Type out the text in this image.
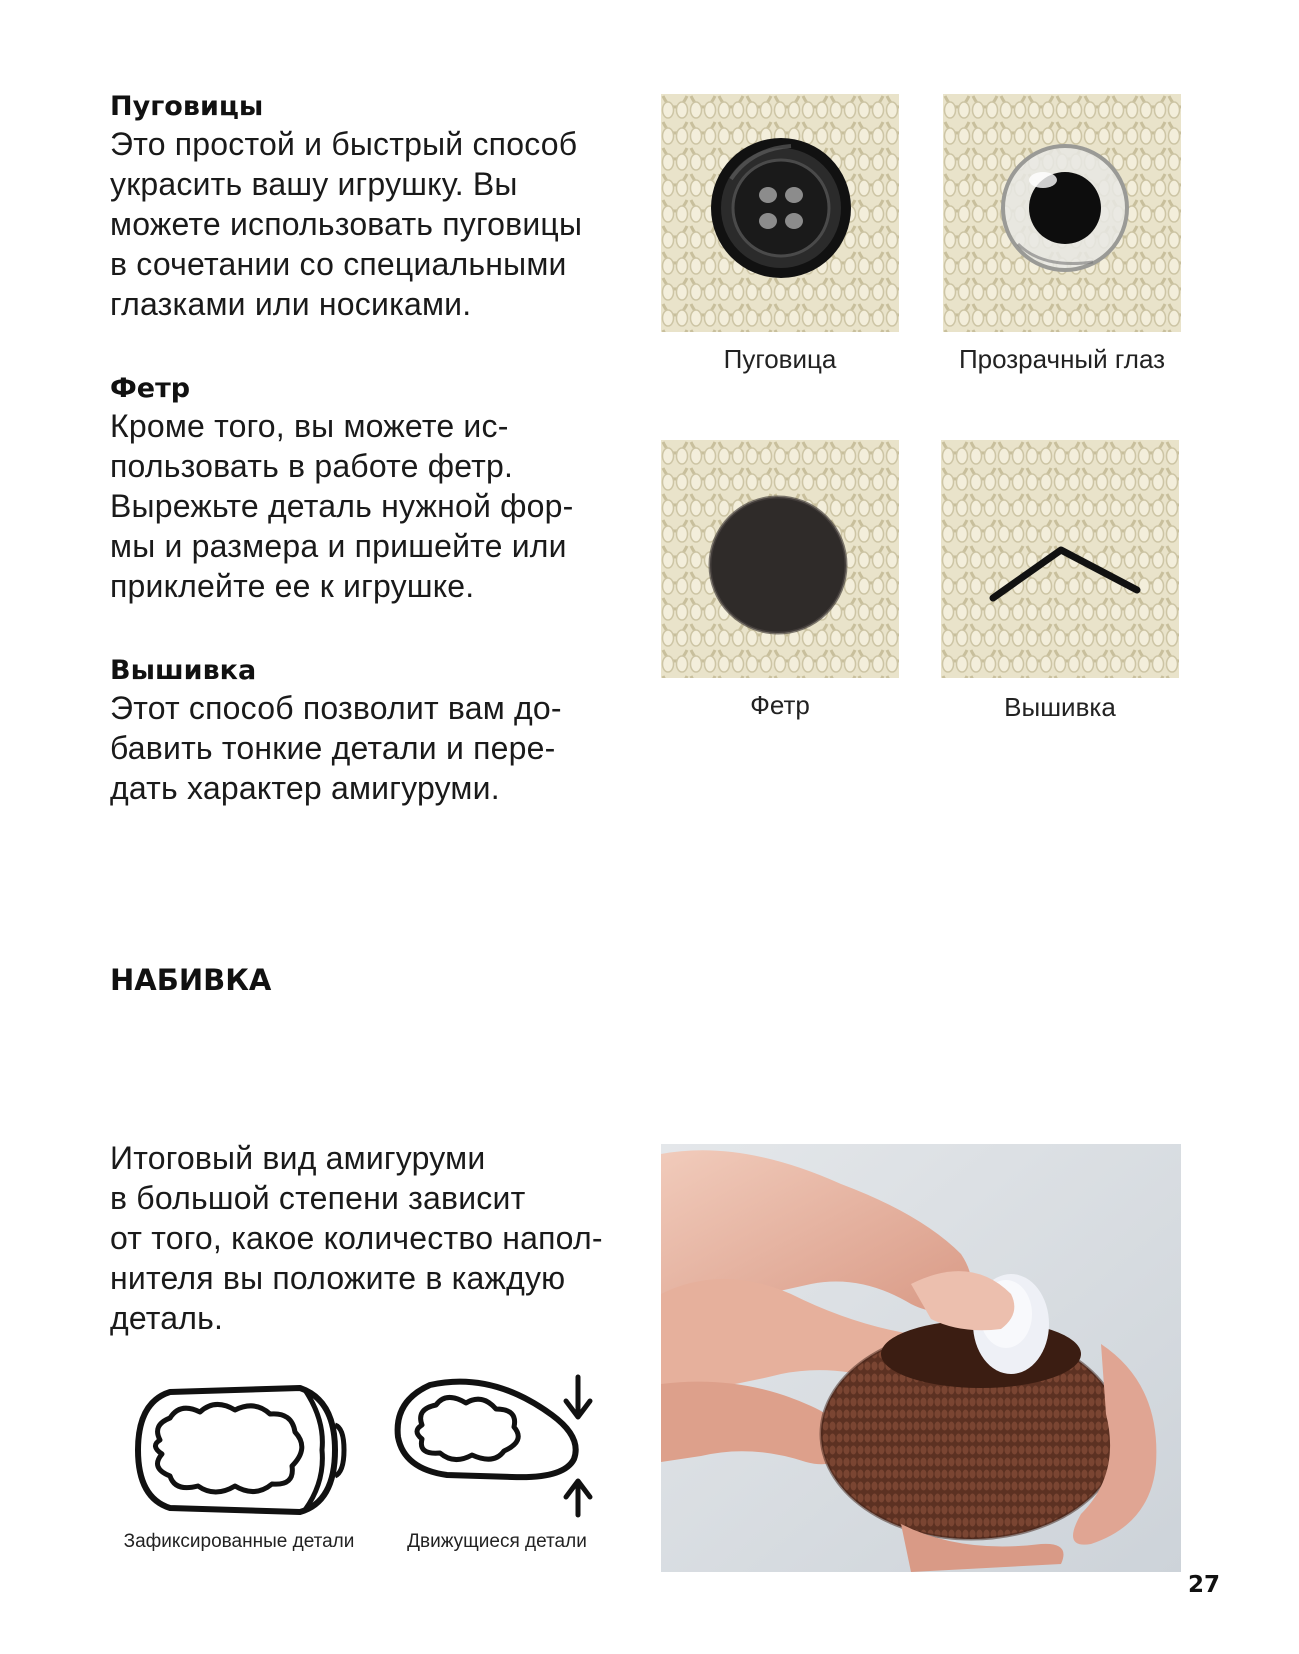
Пуговицы

Это простой и быстрый способ
украсить вашу игрушку. Вы
можете использовать пуговицы
в сочетании со специальными
глазками или носиками.

Фетр

Кроме того, вы можете ис-
пользовать в работе фетр.
Вырежьте деталь нужной фор-
мы и размера и пришейте или
приклейте ее к игрушке.

Вышивка

Этот способ позволит вам до-
бавить тонкие детали и пере-
дать характер амигуруми.

Пуговица	Прозрачный глаз
Фетр	Вышивка
НАБИВКА

Итоговый вид амигуруми
в большой степени зависит
от того, какое количество напол-
нителя вы положите в каждую
деталь.

Зафиксированные детали	Движущиеся детали
27
